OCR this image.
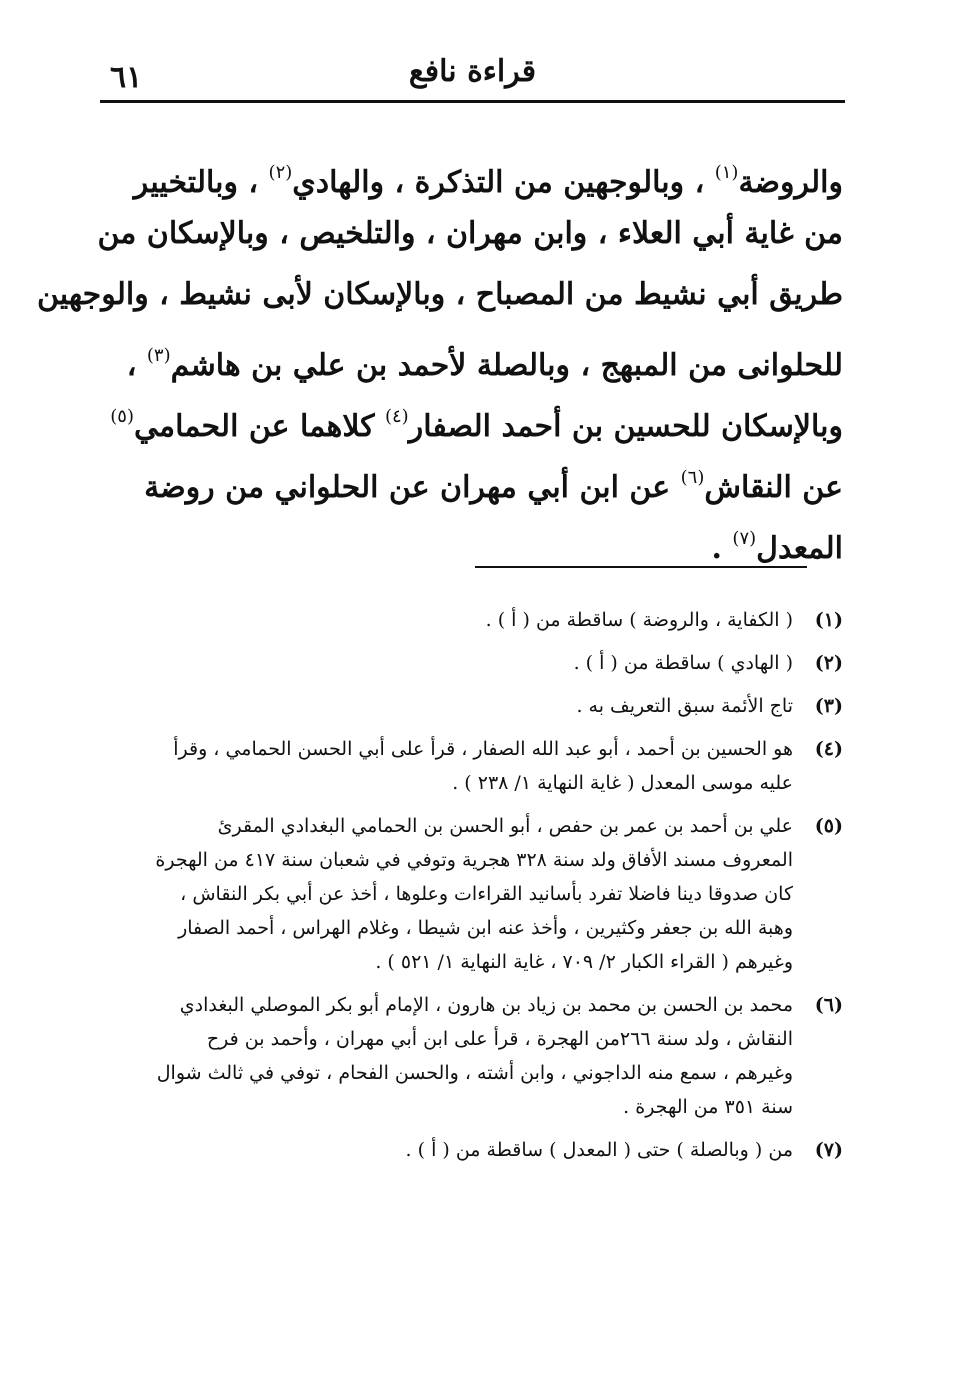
٦١	قراءة نافع
والروضة$^{(١)}$ ، وبالوجهين من التذكرة ، والهادي$^{(٢)}$ ، وبالتخيير
من غاية أبي العلاء ، وابن مهران ، والتلخيص ، وبالإسكان من
طريق أبي نشيط من المصباح ، وبالإسكان لأبى نشيط ، والوجهين
للحلوانى من المبهج ، وبالصلة لأحمد بن علي بن هاشم$^{(٣)}$ ،
وبالإسكان للحسين بن أحمد الصفار$^{(٤)}$ كلاهما عن الحمامي$^{(٥)}$
عن النقاش$^{(٦)}$ عن ابن أبي مهران عن الحلواني من روضة
المعدل$^{(٧)}$ .
(١)
( الكفاية ، والروضة ) ساقطة من ( أ ) .
(٢)
( الهادي ) ساقطة من ( أ ) .
(٣)
تاج الأئمة سبق التعريف به .
(٤)
هو الحسين بن أحمد ، أبو عبد الله الصفار ، قرأ على أبي الحسن الحمامي ، وقرأ
عليه موسى المعدل ( غاية النهاية ١/ ٢٣٨ ) .
(٥)
علي بن أحمد بن عمر بن حفص ، أبو الحسن بن الحمامي البغدادي المقرئ
المعروف مسند الأفاق ولد سنة ٣٢٨ هجرية وتوفي في شعبان سنة ٤١٧ من الهجرة
كان صدوقا دينا فاضلا تفرد بأسانيد القراءات وعلوها ، أخذ عن أبي بكر النقاش ،
وهبة الله بن جعفر وكثيرين ، وأخذ عنه ابن شيطا ، وغلام الهراس ، أحمد الصفار
وغيرهم ( القراء الكبار ٢/ ٧٠٩ ، غاية النهاية ١/ ٥٢١ ) .
(٦)
محمد بن الحسن بن محمد بن زياد بن هارون ، الإمام أبو بكر الموصلي البغدادي
النقاش ، ولد سنة ٢٦٦من الهجرة ، قرأ على ابن أبي مهران ، وأحمد بن فرح
وغيرهم ، سمع منه الداجوني ، وابن أشته ، والحسن الفحام ، توفي في ثالث شوال
سنة ٣٥١ من الهجرة .
(٧)
من ( وبالصلة ) حتى ( المعدل ) ساقطة من ( أ ) .
